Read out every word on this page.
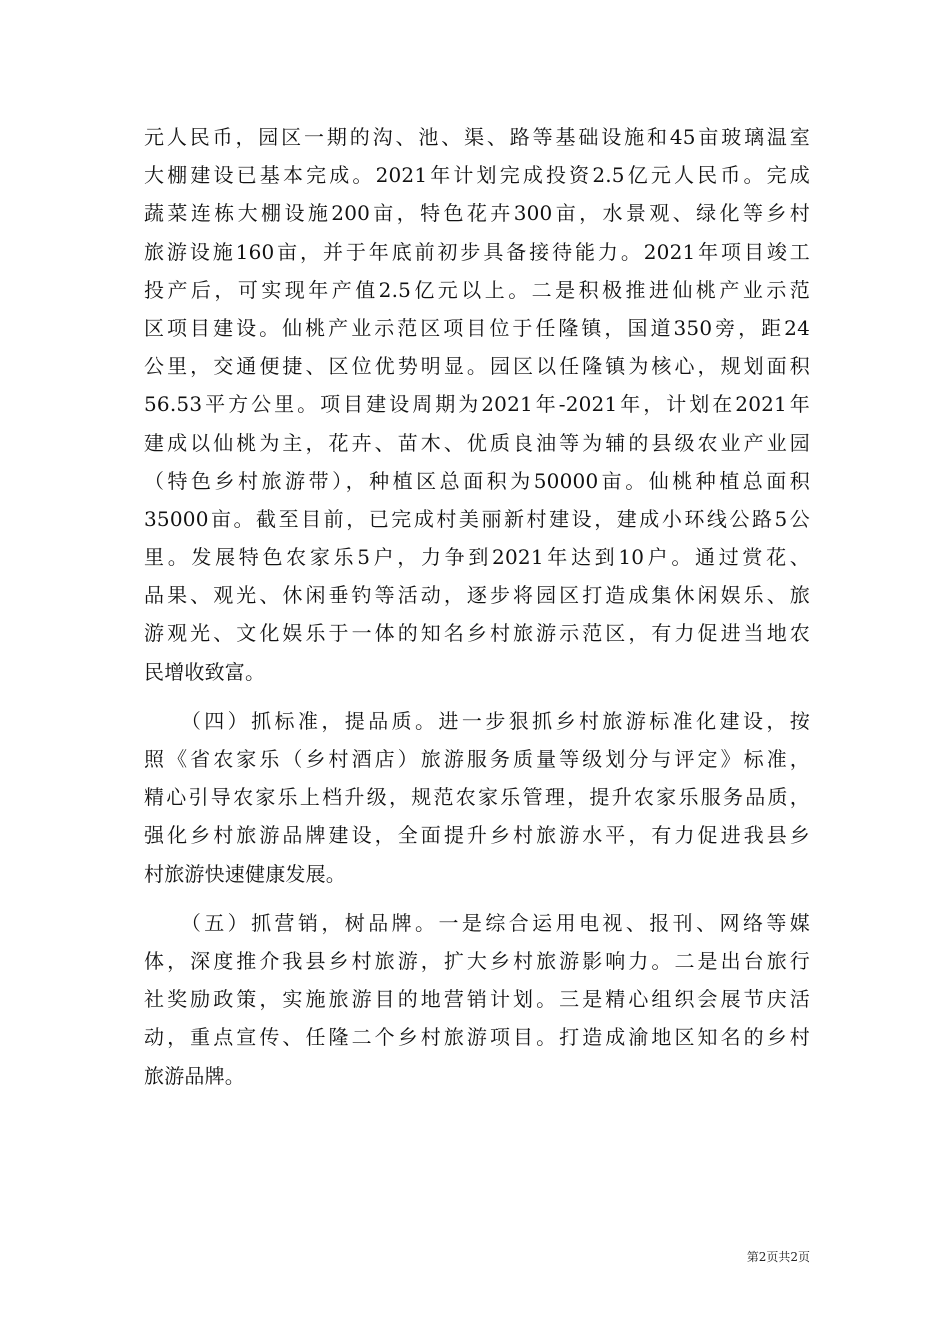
元人民币，园区一期的沟、池、渠、路等基础设施和45亩玻璃温室
大棚建设已基本完成。2021年计划完成投资2.5亿元人民币。完成
蔬菜连栋大棚设施200亩，特色花卉300亩，水景观、绿化等乡村
旅游设施160亩，并于年底前初步具备接待能力。2021年项目竣工
投产后，可实现年产值2.5亿元以上。二是积极推进仙桃产业示范
区项目建设。仙桃产业示范区项目位于任隆镇，国道350旁，距24
公里，交通便捷、区位优势明显。园区以任隆镇为核心，规划面积
56.53平方公里。项目建设周期为2021年-2021年，计划在2021年
建成以仙桃为主，花卉、苗木、优质良油等为辅的县级农业产业园
（特色乡村旅游带），种植区总面积为50000亩。仙桃种植总面积
35000亩。截至目前，已完成村美丽新村建设，建成小环线公路5公
里。发展特色农家乐5户，力争到2021年达到10户。通过赏花、
品果、观光、休闲垂钓等活动，逐步将园区打造成集休闲娱乐、旅
游观光、文化娱乐于一体的知名乡村旅游示范区，有力促进当地农
民增收致富。
　　（四）抓标准，提品质。进一步狠抓乡村旅游标准化建设，按
照《省农家乐（乡村酒店）旅游服务质量等级划分与评定》标准，
精心引导农家乐上档升级，规范农家乐管理，提升农家乐服务品质，
强化乡村旅游品牌建设，全面提升乡村旅游水平，有力促进我县乡
村旅游快速健康发展。
　　（五）抓营销，树品牌。一是综合运用电视、报刊、网络等媒
体，深度推介我县乡村旅游，扩大乡村旅游影响力。二是出台旅行
社奖励政策，实施旅游目的地营销计划。三是精心组织会展节庆活
动，重点宣传、任隆二个乡村旅游项目。打造成渝地区知名的乡村
旅游品牌。
第2页共2页
